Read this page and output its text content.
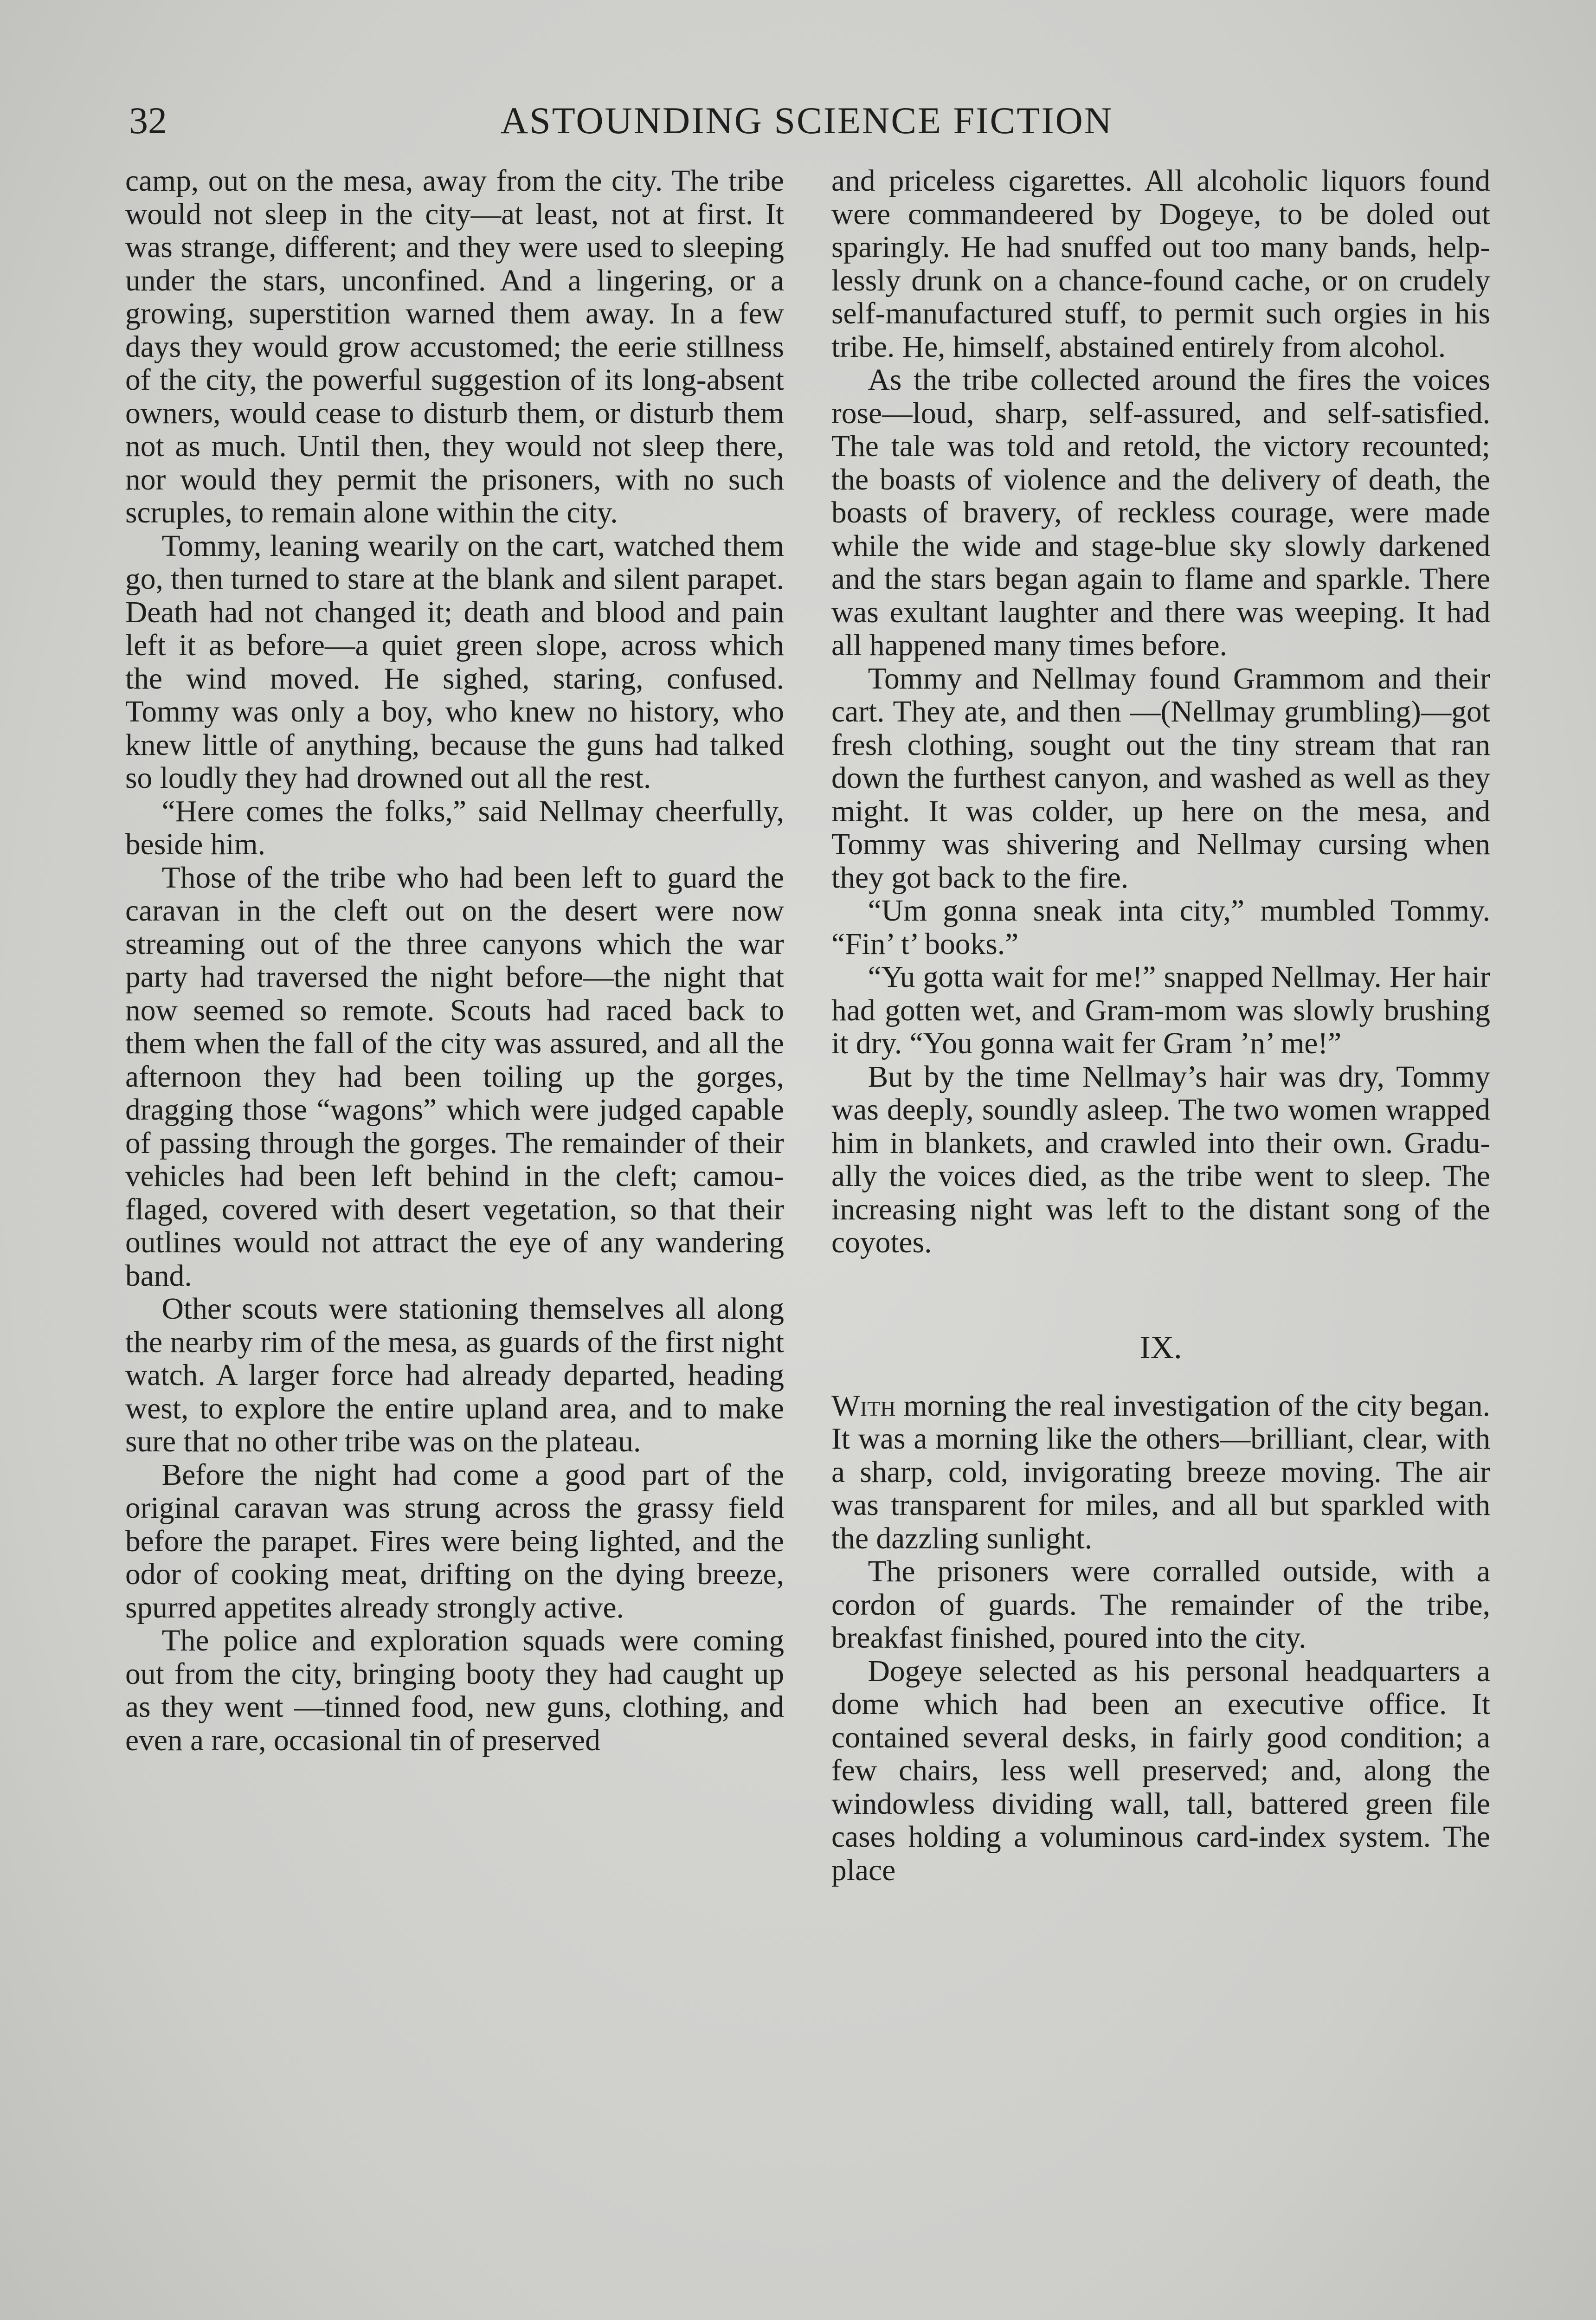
32	ASTOUNDING SCIENCE FICTION

camp, out on the mesa, away from the city. The tribe would not sleep in the city—at least, not at first. It was strange, different; and they were used to sleeping under the stars, unconfined. And a lingering, or a growing, superstition warned them away. In a few days they would grow accustomed; the eerie stillness of the city, the powerful suggestion of its long-absent owners, would cease to disturb them, or disturb them not as much. Until then, they would not sleep there, nor would they permit the prisoners, with no such scruples, to remain alone within the city.

Tommy, leaning wearily on the cart, watched them go, then turned to stare at the blank and silent parapet. Death had not changed it; death and blood and pain left it as before—a quiet green slope, across which the wind moved. He sighed, staring, confused. Tommy was only a boy, who knew no history, who knew little of anything, because the guns had talked so loudly they had drowned out all the rest.

“Here comes the folks,” said Nellmay cheerfully, beside him.

Those of the tribe who had been left to guard the caravan in the cleft out on the desert were now streaming out of the three canyons which the war party had traversed the night before—the night that now seemed so remote. Scouts had raced back to them when the fall of the city was assured, and all the afternoon they had been toiling up the gorges, dragging those “wagons” which were judged capable of passing through the gorges. The remainder of their vehicles had been left behind in the cleft; camouflaged, covered with desert vegetation, so that their outlines would not attract the eye of any wandering band.

Other scouts were stationing themselves all along the nearby rim of the mesa, as guards of the first night watch. A larger force had already departed, heading west, to explore the entire upland area, and to make sure that no other tribe was on the plateau.

Before the night had come a good part of the original caravan was strung across the grassy field before the parapet. Fires were being lighted, and the odor of cooking meat, drifting on the dying breeze, spurred appetites already strongly active.

The police and exploration squads were coming out from the city, bringing booty they had caught up as they went —tinned food, new guns, clothing, and even a rare, occasional tin of preserved

and priceless cigarettes. All alcoholic liquors found were commandeered by Dogeye, to be doled out sparingly. He had snuffed out too many bands, helplessly drunk on a chance-found cache, or on crudely self-manufactured stuff, to permit such orgies in his tribe. He, himself, abstained entirely from alcohol.

As the tribe collected around the fires the voices rose—loud, sharp, self-assured, and self-satisfied. The tale was told and retold, the victory recounted; the boasts of violence and the delivery of death, the boasts of bravery, of reckless courage, were made while the wide and stage-blue sky slowly darkened and the stars began again to flame and sparkle. There was exultant laughter and there was weeping. It had all happened many times before.

Tommy and Nellmay found Grammom and their cart. They ate, and then —(Nellmay grumbling)—got fresh clothing, sought out the tiny stream that ran down the furthest canyon, and washed as well as they might. It was colder, up here on the mesa, and Tommy was shivering and Nellmay cursing when they got back to the fire.

“Um gonna sneak inta city,” mumbled Tommy. “Fin’ t’ books.”

“Yu gotta wait for me!” snapped Nellmay. Her hair had gotten wet, and Gram-mom was slowly brushing it dry. “You gonna wait fer Gram ’n’ me!”

But by the time Nellmay’s hair was dry, Tommy was deeply, soundly asleep. The two women wrapped him in blankets, and crawled into their own. Gradually the voices died, as the tribe went to sleep. The increasing night was left to the distant song of the coyotes.

IX.

With morning the real investigation of the city began. It was a morning like the others—brilliant, clear, with a sharp, cold, invigorating breeze moving. The air was transparent for miles, and all but sparkled with the dazzling sunlight.

The prisoners were corralled outside, with a cordon of guards. The remainder of the tribe, breakfast finished, poured into the city.

Dogeye selected as his personal headquarters a dome which had been an executive office. It contained several desks, in fairly good condition; a few chairs, less well preserved; and, along the windowless dividing wall, tall, battered green file cases holding a voluminous card-index system. The place
